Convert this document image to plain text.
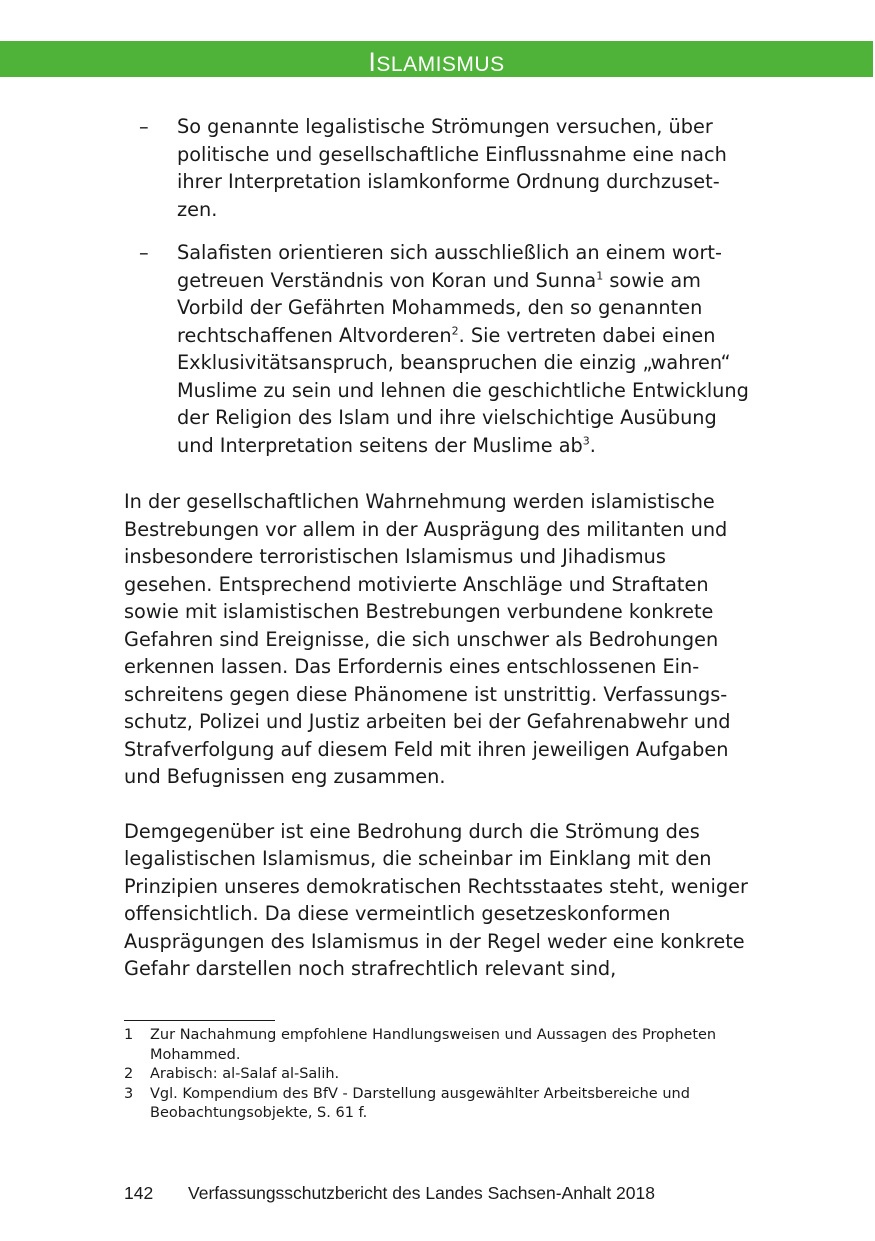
ISLAMISMUS
– So genannte legalistische Strömungen versuchen, über politische und gesellschaftliche Einflussnahme eine nach ihrer Interpretation islamkonforme Ordnung durchzusetzen.
– Salafisten orientieren sich ausschließlich an einem wortgetreuen Verständnis von Koran und Sunna$^1$ sowie am Vorbild der Gefährten Mohammeds, den so genannten rechtschaffenen Altvorderen$^2$. Sie vertreten dabei einen Exklusivitätsanspruch, beanspruchen die einzig „wahren“ Muslime zu sein und lehnen die geschichtliche Entwicklung der Religion des Islam und ihre vielschichtige Ausübung und Interpretation seitens der Muslime $ab^3$.

In der gesellschaftlichen Wahrnehmung werden islamistische Bestrebungen vor allem in der Ausprägung des militanten und insbesondere terroristischen Islamismus und Jihadismus gesehen. Entsprechend motivierte Anschläge und Straftaten sowie mit islamistischen Bestrebungen verbundene konkrete Gefahren sind Ereignisse, die sich unschwer als Bedrohungen erkennen lassen. Das Erfordernis eines entschlossenen Einschreitens gegen diese Phänomene ist unstrittig. Verfassungsschutz, Polizei und Justiz arbeiten bei der Gefahrenabwehr und Strafverfolgung auf diesem Feld mit ihren jeweiligen Aufgaben und Befugnissen eng zusammen.

Demgegenüber ist eine Bedrohung durch die Strömung des legalistischen Islamismus, die scheinbar im Einklang mit den Prinzipien unseres demokratischen Rechtsstaates steht, weniger offensichtlich. Da diese vermeintlich gesetzeskonformen Ausprägungen des Islamismus in der Regel weder eine konkrete Gefahr darstellen noch strafrechtlich relevant sind,

1 Zur Nachahmung empfohlene Handlungsweisen und Aussagen des Propheten Mohammed.
2 Arabisch: al-Salaf al-Salih.
3 Vgl. Kompendium des BfV - Darstellung ausgewählter Arbeitsbereiche und Beobachtungsobjekte, S. 61 f.
142 Verfassungsschutzbericht des Landes Sachsen-Anhalt 2018
